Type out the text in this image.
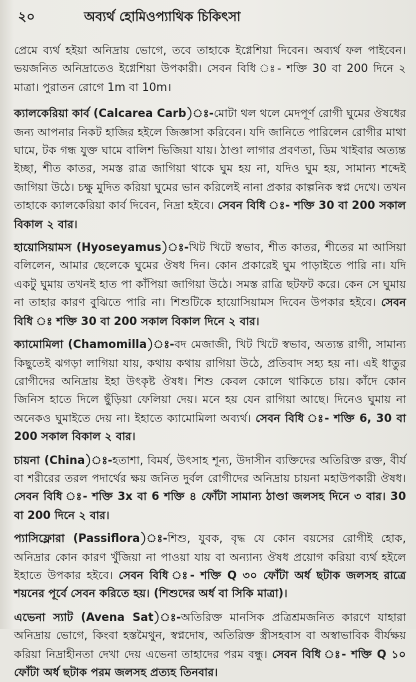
২০	অব্যর্থ হোমিওপ্যাথিক চিকিৎসা

প্রেমে ব্যর্থ হইয়া অনিদ্রায় ভোগে, তবে তাহাকে ইগ্নেশিয়া দিবেন। অব্যর্থ ফল পাইবেন। ভয়জনিত অনিদ্রাতেও ইগ্নেশিয়া উপকারী। সেবন বিধি ঃ- শক্তি 30 বা 200 দিনে ২ মাত্রা। পুরাতন রোগে 1m বা 10m।

ক্যালকেরিয়া কার্ব (Calcarea Carb)ঃ-মোটা থল থলে মেদপূর্ণ রোগী ঘুমের ঔষধের জন্য আপনার নিকট হাজির হইলে জিজ্ঞাসা করিবেন। যদি জানিতে পারিলেন রোগীর মাথা ঘামে, টক গন্ধ যুক্ত ঘামে বালিশ ভিজিয়া যায়। ঠাণ্ডা লাগার প্রবণতা, ডিম খাইবার অত্যন্ত ইচ্ছা, শীত কাতর, সমস্ত রাত্র জাগিয়া থাকে ঘুম হয় না, যদিও ঘুম হয়, সামান্য শব্দেই জাগিয়া উঠে। চক্ষু মুদিত করিয়া ঘুমের ভান করিলেই নানা প্রকার কাল্পনিক স্বপ্ন দেখে। তখন তাহাকে ক্যালকেরিয়া কার্ব দিবেন, নিদ্রা হইবে। সেবন বিধি ঃ- শক্তি 30 বা 200 সকাল বিকাল ২ বার।

হায়োসিয়ামস (Hyoseyamus)ঃ-খিট খিটে স্বভাব, শীত কাতর, শীতের মা আসিয়া বলিলেন, আমার ছেলেকে ঘুমের ঔষধ দিন। কোন প্রকারেই ঘুম পাড়াইতে পারি না। যদি একটু ঘুমায় তখনই হাত পা কাঁপিয়া জাগিয়া উঠে। সমস্ত রাত্রি ছটফট করে। কেন সে ঘুমায় না তাহার কারণ বুঝিতে পারি না। শিশুটিকে হায়োসিয়ামস দিবেন উপকার হইবে। সেবন বিধি ঃ শক্তি 30 বা 200 সকাল বিকাল দিনে ২ বার।

ক্যামোমিলা (Chamomilla)ঃ-বদ মেজাজী, খিট খিটে স্বভাব, অত্যন্ত রাগী, সামান্য কিছুতেই ঝগড়া লাগিয়া যায়, কথায় কথায় রাগিয়া উঠে, প্রতিবাদ সহ্য হয় না। এই ধাতুর রোগীদের অনিদ্রায় ইহা উৎকৃষ্ট ঔষধ। শিশু কেবল কোলে থাকিতে চায়। কাঁদে কোন জিনিস হাতে দিলে ছুঁড়িয়া ফেলিয়া দেয়। মনে হয় যেন রাগিয়া আছে। দিনেও ঘুমায় না অনেকও ঘুমাইতে দেয় না। ইহাতে ক্যামোমিলা অব্যর্থ। সেবন বিধি ঃ- শক্তি 6, 30 বা 200 সকাল বিকাল ২ বার।

চায়না (China)ঃ-হতাশা, বিমর্ষ, উৎসাহ শূন্য, উদাসীন ব্যক্তিদের অতিরিক্ত রক্ত, বীর্য বা শরীরের তরল পদার্থের ক্ষয় জনিত দুর্বল রোগীদের অনিদ্রায় চায়না মহাউপকারী ঔষধ। সেবন বিধি ঃ- শক্তি 3x বা 6 শক্তি ৪ ফোঁটা সামান্য ঠাণ্ডা জলসহ দিনে ৩ বার। 30 বা 200 দিনে ২ বার।

প্যাসিফ্লোরা (Passiflora)ঃ-শিশু, যুবক, বৃদ্ধ যে কোন বয়সের রোগীই হোক, অনিদ্রার কোন কারণ খুঁজিয়া না পাওয়া যায় বা অন্যান্য ঔষধ প্রয়োগ করিয়া ব্যর্থ হইলে ইহাতে উপকার হইবে। সেবন বিধি ঃ- শক্তি Q ৩০ ফোঁটা অর্ধ ছটাক জলসহ রাত্রে শয়নের পূর্বে সেবন করিতে হয়। (শিশুদের অর্ধ বা সিকি মাত্রা)।

এভেনা স্যাট (Avena Sat)ঃ-অতিরিক্ত মানসিক প্রত্রিশ্রমজনিত কারণে যাহারা অনিদ্রায় ভোগে, কিংবা হস্তমৈথুন, স্বপ্নদোষ, অতিরিক্ত স্ত্রীসহবাস বা অস্বাভাবিক বীর্যক্ষয় করিয়া নিদ্রাহীনতা দেখা দেয় এভেনা তাহাদের পরম বন্ধু। সেবন বিধি ঃ- শক্তি Q ১০ ফোঁটা অর্ধ ছটাক পরম জলসহ প্রত্যহ তিনবার।
